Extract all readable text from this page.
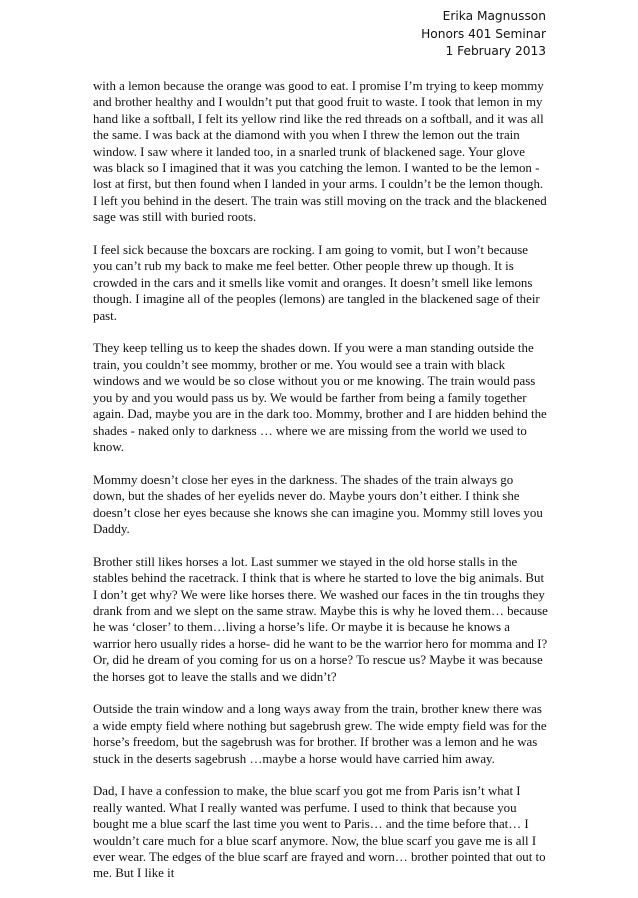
Erika Magnusson
Honors 401 Seminar
1 February 2013

with a lemon because the orange was good to eat. I promise I’m trying to keep mommy and brother healthy and I wouldn’t put that good fruit to waste. I took that lemon in my hand like a softball, I felt its yellow rind like the red threads on a softball, and it was all the same. I was back at the diamond with you when I threw the lemon out the train window. I saw where it landed too, in a snarled trunk of blackened sage. Your glove was black so I imagined that it was you catching the lemon. I wanted to be the lemon - lost at first, but then found when I landed in your arms. I couldn’t be the lemon though. I left you behind in the desert. The train was still moving on the track and the blackened sage was still with buried roots.

I feel sick because the boxcars are rocking. I am going to vomit, but I won’t because you can’t rub my back to make me feel better. Other people threw up though. It is crowded in the cars and it smells like vomit and oranges. It doesn’t smell like lemons though. I imagine all of the peoples (lemons) are tangled in the blackened sage of their past.

They keep telling us to keep the shades down. If you were a man standing outside the train, you couldn’t see mommy, brother or me. You would see a train with black windows and we would be so close without you or me knowing. The train would pass you by and you would pass us by. We would be farther from being a family together again. Dad, maybe you are in the dark too. Mommy, brother and I are hidden behind the shades - naked only to darkness … where we are missing from the world we used to know.

Mommy doesn’t close her eyes in the darkness. The shades of the train always go down, but the shades of her eyelids never do. Maybe yours don’t either. I think she doesn’t close her eyes because she knows she can imagine you. Mommy still loves you Daddy.

Brother still likes horses a lot. Last summer we stayed in the old horse stalls in the stables behind the racetrack. I think that is where he started to love the big animals. But I don’t get why? We were like horses there. We washed our faces in the tin troughs they drank from and we slept on the same straw. Maybe this is why he loved them… because he was ‘closer’ to them…living a horse’s life. Or maybe it is because he knows a warrior hero usually rides a horse- did he want to be the warrior hero for momma and I? Or, did he dream of you coming for us on a horse? To rescue us? Maybe it was because the horses got to leave the stalls and we didn’t?

Outside the train window and a long ways away from the train, brother knew there was a wide empty field where nothing but sagebrush grew. The wide empty field was for the horse’s freedom, but the sagebrush was for brother. If brother was a lemon and he was stuck in the deserts sagebrush …maybe a horse would have carried him away.

Dad, I have a confession to make, the blue scarf you got me from Paris isn’t what I really wanted. What I really wanted was perfume. I used to think that because you bought me a blue scarf the last time you went to Paris… and the time before that… I wouldn’t care much for a blue scarf anymore. Now, the blue scarf you gave me is all I ever wear. The edges of the blue scarf are frayed and worn… brother pointed that out to me. But I like it
